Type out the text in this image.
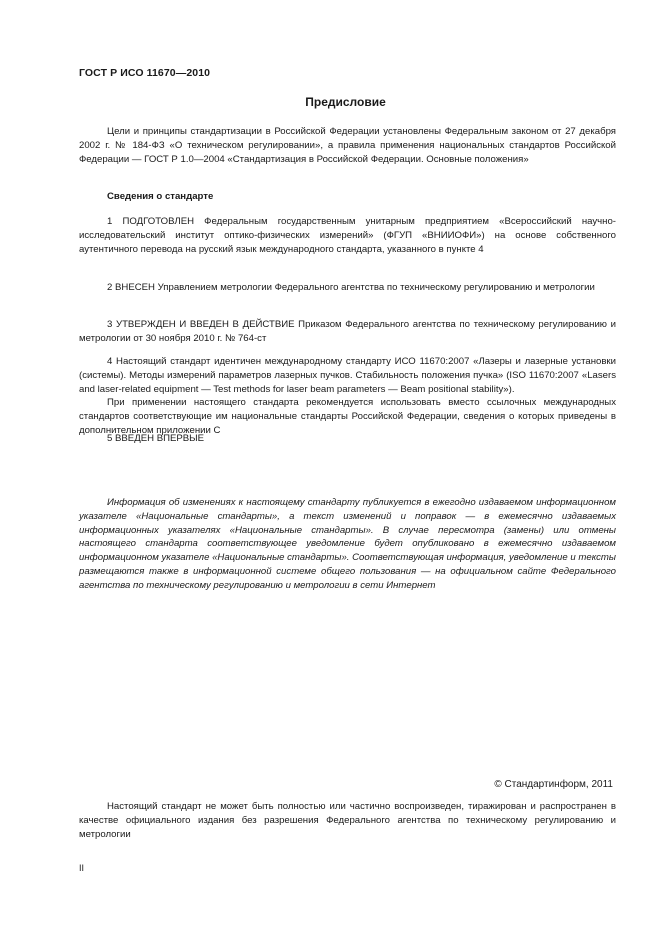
ГОСТ Р ИСО 11670—2010
Предисловие

Цели и принципы стандартизации в Российской Федерации установлены Федеральным законом от 27 декабря 2002 г. № 184-ФЗ «О техническом регулировании», а правила применения национальных стандартов Российской Федерации — ГОСТ Р 1.0—2004 «Стандартизация в Российской Федерации. Основные положения»

Сведения о стандарте

1 ПОДГОТОВЛЕН Федеральным государственным унитарным предприятием «Всероссийский научно-исследовательский институт оптико-физических измерений» (ФГУП «ВНИИОФИ») на основе собственного аутентичного перевода на русский язык международного стандарта, указанного в пункте 4

2 ВНЕСЕН Управлением метрологии Федерального агентства по техническому регулированию и метрологии

3 УТВЕРЖДЕН И ВВЕДЕН В ДЕЙСТВИЕ Приказом Федерального агентства по техническому регулированию и метрологии от 30 ноября 2010 г. № 764-ст

4 Настоящий стандарт идентичен международному стандарту ИСО 11670:2007 «Лазеры и лазерные установки (системы). Методы измерений параметров лазерных пучков. Стабильность положения пучка» (ISO 11670:2007 «Lasers and laser-related equipment — Test methods for laser beam parameters — Beam positional stability»).

При применении настоящего стандарта рекомендуется использовать вместо ссылочных международных стандартов соответствующие им национальные стандарты Российской Федерации, сведения о которых приведены в дополнительном приложении С

5 ВВЕДЕН ВПЕРВЫЕ

Информация об изменениях к настоящему стандарту публикуется в ежегодно издаваемом информационном указателе «Национальные стандарты», а текст изменений и поправок — в ежемесячно издаваемых информационных указателях «Национальные стандарты». В случае пересмотра (замены) или отмены настоящего стандарта соответствующее уведомление будет опубликовано в ежемесячно издаваемом информационном указателе «Национальные стандарты». Соответствующая информация, уведомление и тексты размещаются также в информационной системе общего пользования — на официальном сайте Федерального агентства по техническому регулированию и метрологии в сети Интернет

© Стандартинформ, 2011

Настоящий стандарт не может быть полностью или частично воспроизведен, тиражирован и распространен в качестве официального издания без разрешения Федерального агентства по техническому регулированию и метрологии

II
